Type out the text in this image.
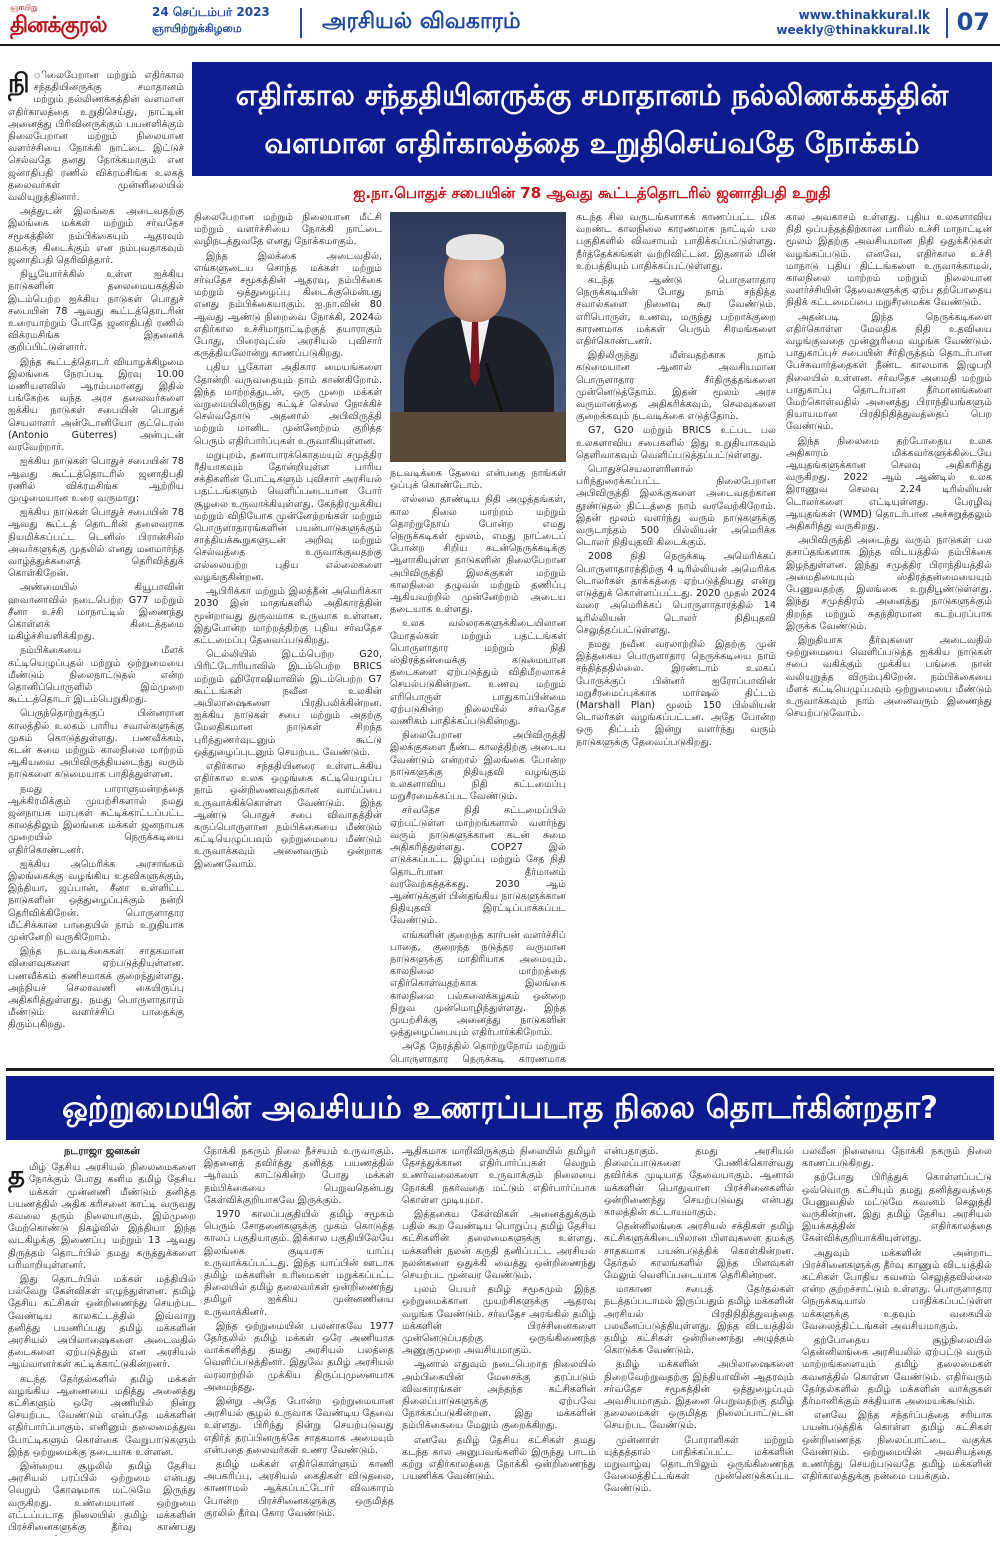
ஞாயிறு
தினக்குரல்	24 செப்டம்பர் 2023
ஞாயிற்றுக்கிழமை	அரசியல் விவகாரம்	www.thinakkural.lk
weekly@thinakkural.lk 07
எதிர்கால சந்ததியினருக்கு சமாதானம் நல்லிணக்கத்தின்
வளமான எதிர்காலத்தை உறுதிசெய்வதே நோக்கம்
ஐ.நா.பொதுச் சபையின் 78 ஆவது கூட்டத்தொடரில் ஜனாதிபதி உறுதி

நி ிலைபேறான மற்றும் எதிர்கால சந்ததியினருக்கு சமாதானம் மற்றும் நல்லிணக்கத்தின் வளமான எதிர்காலத்தை உறுதிசெய்து, நாட்டின் அனைத்து பிரிவினருக்கும் பயனளிக்கும் நிலைபேறான மற்றும் நிலையான வளர்ச்சியை நோக்கி நாட்டை இட்டுச் செல்வதே தனது நோக்கமாகும் என ஜனாதிபதி ரணில் விக்ரமசிங்க உலகத் தலைவர்கள் முன்னிலையில் வலியுறுத்தினார்.

அத்துடன் இலங்கை அடைவதற்கு இலங்கை மக்கள் மற்றும் சர்வதேச சமூகத்தின் நம்பிக்கையும் ஆதரவும் தமக்கு கிடைக்கும் என நம்புவதாகவும் ஜனாதிபதி தெரிவித்தார்.

நியூயோர்க்கில் உள்ள ஐக்கிய நாடுகளின் தலைமையகத்தில் இடம்பெற்ற ஐக்கிய நாடுகள் பொதுச் சபையின் 78 ஆவது கூட்டத்தொடரின் உரையாற்றும் போதே ஜனாதிபதி ரணில் விக்ரமசிங்க இதனைக் குறிப்பிட்டுள்ளார்.

இந்த கூட்டத்தொடர் வியாழக்கிழமை இலங்கை நேரப்படி இரவு 10.00 மணியளவில் ஆரம்பமானது இதில் பங்கேற்க வந்த அரச தலைவர்களை ஐக்கிய நாடுகள் சபையின் பொதுச் செயலாளர் அன்டோனியோ குட்டெரஸ் (Antonio Guterres) அன்புடன் வரவேற்றார்.

ஐக்கிய நாடுகள் பொதுச் சபையின் 78 ஆவது கூட்டத்தொடரில் ஜனாதிபதி ரணில் விக்ரமசிங்க ஆற்றிய முழுமையான உரை வருமாறு:

ஐக்கிய நாடுகள் பொதுச் சபையின் 78 ஆவது கூட்டத் தொடரின் தலைவராக நியமிக்கப்பட்ட டெனிஸ் பிரான்சிஸ் அவர்களுக்கு முதலில் எனது மனமார்ந்த வாழ்த்துக்களைத் தெரிவித்துக் கொள்கிறேன்.

அண்மையில் கியூபாவின் ஹவானாவில் நடைபெற்ற G77 மற்றும் சீனா உச்சி மாநாட்டில் இணைந்து கொள்ளக் கிடைத்தமை மகிழ்ச்சியளிக்கிறது.

நம்பிக்கையை மீளக் கட்டியெழுப்புதல் மற்றும் ஒற்றுமையை மீண்டும் நிலைநாட்டுதல் என்ற தொனிப்பொருளில் இம்முறை கூட்டத்தொடர் இடம்பெறுகிறது.

பெருந்தொற்றுக்குப் பின்னரான காலத்தில் உலகம் பாரிய சவால்களுக்கு முகம் கொடுத்துள்ளது. பணவீக்கம், கடன் சுமை மற்றும் காலநிலை மாற்றம் ஆகியவை அபிவிருத்தியடைந்து வரும் நாடுகளை கடுமையாக பாதித்துள்ளன.

நமது பாராளுமன்றத்தை ஆக்கிரமிக்கும் முயற்சிகளால் நமது ஜனநாயக மரபுகள் சுட்டிக்காட்டப்பட்ட காலத்திலும் இலங்கை மக்கள் ஜனநாயக முறையில் நெருக்கடியை எதிர்கொண்டனர்.

ஐக்கிய அமெரிக்க அரசாங்கம் இலங்கைக்கு வழங்கிய உதவிகளுக்கும், இந்தியா, ஜப்பான், சீனா உள்ளிட்ட நாடுகளின் ஒத்துழைப்புக்கும் நன்றி தெரிவிக்கிறேன். பொருளாதார மீட்சிக்கான பாதையில் நாம் உறுதியாக முன்னேறி வருகிறோம்.

இந்த நடவடிக்கைகள் சாதகமான விளைவுகளை ஏற்படுத்தியுள்ளன. பணவீக்கம் கணிசமாகக் குறைந்துள்ளது. அந்நியச் செலாவணி கையிருப்பு அதிகரித்துள்ளது. நமது பொருளாதாரம் மீண்டும் வளர்ச்சிப் பாதைக்கு திரும்புகிறது.

நிலைபேறான மற்றும் நிலையான மீட்சி மற்றும் வளர்ச்சியை நோக்கி நாட்டை வழிநடத்துவதே எனது நோக்கமாகும்.

இந்த இலக்கை அடைவதில், எங்களுடைய சொந்த மக்கள் மற்றும் சர்வதேச சமூகத்தின் ஆதரவு, நம்பிக்கை மற்றும் ஒத்துழைப்பு கிடைக்குமென்பது எனது நம்பிக்கையாகும். ஐ.நா.வின் 80 ஆவது ஆண்டு நிறைவை நோக்கி, 2024ல் எதிர்கால உச்சிமாநாட்டிற்குத் தயாராகும் போது, பிரைவுட்ஸ் அரசியல் புவிசார் கருத்தியலோன்று காணப்படுகிறது.

புதிய பூகோள அதிகார மையங்களை தோன்றி வருவதையும் நாம் காண்கிறோம். இந்த மாற்றத்துடன், ஒரு முறை மக்கள் வறுமையிலிருந்து கட்டிச் செல்ல நோக்கிச் செல்வதோடு அதனால் அபிவிருத்தி மற்றும் மானிட முன்னேற்றம் குறித்த பெரும் எதிர்பார்ப்புகள் உருவாகியுள்ளன.

மறுபுறம், தனாபாரக்கொதமயும் சமுத்திர ரீதியாகவும் தோன்றியுள்ள பாரிய சக்திகளின் போட்டிகளும் புவிசார் அரசியல் பதட்டங்களும் வெளிப்படையான போர் சூழலை உருவாக்கியுள்ளது. கேந்திரமுக்கிய மற்றும் விநியோக முன்னேற்றங்கள் மற்றும் பொருளாதாரங்களின் பயன்பாடுகளுக்கும் சாத்தியக்கூறுகளுடன் அறிவு மற்றும் செல்வத்தை உருவாக்குவதற்கு எல்லையற்ற புதிய எல்லைகளை வழங்குகின்றன.

ஆபிரிக்கா மற்றும் இலத்தீன் அமெரிக்கா 2030 இன் மாதங்களில் அதிகாரத்தின் மூன்றாவது துருவமாக உருவாக உள்ளன. இதுபோன்ற மாற்றத்திற்கு புதிய சர்வதேச கட்டமைப்பு தேவைப்படுகிறது.

டெல்லியில் இடம்பெற்ற G20, பிரிட்டோரியாவில் இடம்பெற்ற BRICS மற்றும் ஹிரோஷிமாவில் இடம்பெற்ற G7 கூட்டங்கள் நவீன உலகின் அபிலாஷைகளை பிரதிபலிக்கின்றன. ஐக்கிய நாடுகள் சபை மற்றும் அதற்கு மேலதிகமான நாடுகள் சிறந்த புரிந்துணர்வுடனும் கூட்டு ஒத்துழைப்புடனும் செயற்பட வேண்டும்.

எதிர்கால சந்ததியினரை உள்ளடக்கிய எதிர்கால உலக ஒழுங்கை கட்டியெழுப்ப நாம் ஒன்றிணைவதற்கான வாய்ப்பை உருவாக்கிக்கொள்ள வேண்டும். இந்த ஆண்டு பொதுச் சபை விவாதத்தின் கருப்பொருளான நம்பிக்கையை மீண்டும் கட்டியெழுப்பவும் ஒற்றுமையை மீண்டும் உருவாக்கவும் அனைவரும் ஒன்றாக இணைவோம்.

நடவடிக்கை தேவை என்பதை நாங்கள் ஒப்புக் கொண்டோம்.

எல்லை தாண்டிய நிதி அழுத்தங்கள், கால நிலை மாற்றம் மற்றும் தொற்றுநோய் போன்ற எமது நெருக்கடிகள் மூலம், எமது நாட்டைப் போன்ற சிறிய கடன்நெருக்கடிக்கு ஆளாகியுள்ள நாடுகளின் நிலைபேறான அபிவிருத்தி இலக்குகள் மற்றும் காலநிலை தழுவல் மற்றும் தணிப்பு ஆகியவற்றில் முன்னேற்றம் அடைய தடையாக உள்ளது.

உலக வல்லரசுகளுக்கிடையிலான மோதல்கள் மற்றும் பதட்டங்கள் பொருளாதார மற்றும் நிதி ஸ்திரத்தன்மைக்கு கடுமையான தடைகளை ஏற்படுத்தும் விதிமீறலாகச் செயல்படுகின்றன. உணவு மற்றும் எரிபொருள் பாதுகாப்பின்மை ஏற்படுகின்ற நிலையில் சர்வதேச வணிகம் பாதிக்கப்படுகின்றது.

நிலைபேறான அபிவிருத்தி இலக்குகளை நீண்ட காலத்திற்கு அடைய வேண்டும் என்றால் இலங்கை போன்ற நாடுகளுக்கு நிதியுதவி வழங்கும் உலகளாவிய நிதி கட்டமைப்பு மறுசீரமைக்கப்பட வேண்டும்.

சர்வதேச நிதி கட்டமைப்பில் ஏற்பட்டுள்ள மாற்றங்களால் வளர்ந்து வரும் நாடுகளுக்கான கடன் சுமை அதிகரித்துள்ளது. COP27 இல் எடுக்கப்பட்ட இழப்பு மற்றும் சேத நிதி தொடர்பான தீர்மானம் வரவேற்கத்தக்கது. 2030 ஆம் ஆண்டுக்குள் பின்தங்கிய நாடுகளுக்கான நிதியுதவி இரட்டிப்பாக்கப்பட வேண்டும்.

எங்களின் குறைந்த கார்பன் வளர்ச்சிப் பாதை, குறைந்த நடுத்தர வருமான நாடுகளுக்கு மாதிரியாக அமையும். காலநிலை மாற்றத்தை எதிர்கொள்வதற்காக இலங்கை காலநிலை பல்கலைக்கழகம் ஒன்றை நிறுவ முன்மொழிந்துள்ளது. இந்த முயற்சிக்கு அனைத்து நாடுகளின் ஒத்துழைப்பையும் எதிர்பார்க்கிறோம்.

அதே நேரத்தில் தொற்றுநோய் மற்றும் பொருளாதார நெருக்கடி காரணமாக

கடந்த சில வருடங்களாகக் காணப்பட்ட மிக வறண்ட காலநிலை காரணமாக நாட்டில் பல பகுதிகளில் விவசாயம் பாதிக்கப்பட்டுள்ளது. நீர்த்தேக்கங்கள் வற்றிவிட்டன. இதனால் மின் உற்பத்தியும் பாதிக்கப்பட்டுள்ளது.

கடந்த ஆண்டு பொருளாதார நெருக்கடியின் போது நாம் சந்தித்த சவால்களை நினைவு கூர வேண்டும். எரிபொருள், உணவு, மருந்து பற்றாக்குறை காரணமாக மக்கள் பெரும் சிரமங்களை எதிர்கொண்டனர்.

இதிலிருந்து மீள்வதற்காக நாம் கடுமையான ஆனால் அவசியமான பொருளாதார சீர்திருத்தங்களை முன்னெடுத்தோம். இதன் மூலம் அரச வருமானத்தை அதிகரிக்கவும், செலவுகளை குறைக்கவும் நடவடிக்கை எடுத்தோம்.

G7, G20 மற்றும் BRICS உட்பட பல உலகளாவிய சபைகளில் இது உறுதியாகவும் தெளிவாகவும் வெளிப்படுத்தப்பட்டுள்ளது.

பொதுச்செயலாளரினால் பரிந்துரைக்கப்பட்ட நிலைபேறான அபிவிருத்தி இலக்குகளை அடைவதற்கான தூண்டுதல் திட்டத்தை நாம் வரவேற்கிறோம். இதன் மூலம் வளர்ந்து வரும் நாடுகளுக்கு வருடாந்தம் 500 பில்லியன் அமெரிக்க டொலர் நிதியுதவி கிடைக்கும்.

2008 நிதி நெருக்கடி அமெரிக்கப் பொருளாதாரத்திற்கு 4 டிரில்லியன் அமெரிக்க டொலர்கள் தாக்கத்தை ஏற்படுத்தியது என்று எடுத்துக் கொள்ளப்பட்டது. 2020 முதல் 2024 வரை அமெரிக்கப் பொருளாதாரத்தில் 14 டிரில்லியன் டொலர் நிதியுதவி செலுத்தப்பட்டுள்ளது.

நமது நவீன வரலாற்றில் இதற்கு முன் இத்தகைய பொருளாதார நெருக்கடியை நாம் சந்தித்ததில்லை. இரண்டாம் உலகப் போருக்குப் பின்னர் ஐரோப்பாவின் மறுசீரமைப்புக்காக மார்ஷல் திட்டம் (Marshall Plan) மூலம் 150 பில்லியன் டொலர்கள் வழங்கப்பட்டன. அதே போன்ற ஒரு திட்டம் இன்று வளர்ந்து வரும் நாடுகளுக்கு தேவைப்படுகிறது.

கால அவகாசம் உள்ளது. புதிய உலகளாவிய நிதி ஒப்பந்தத்திற்கான பாரிஸ் உச்சி மாநாட்டின் மூலம் இதற்கு அவசியமான நிதி ஒதுக்கீடுகள் வழங்கப்படும். எனவே, எதிர்கால உச்சி மாநாடு புதிய திட்டங்களை உருவாக்காமல், காலநிலை மாற்றம் மற்றும் நிலையான வளர்ச்சியின் தேவைகளுக்கு ஏற்ப தற்போதைய நிதிக் கட்டமைப்பை மறுசீரமைக்க வேண்டும்.

அதன்படி இந்த நெருக்கடிகளை எதிர்கொள்ள மேலதிக நிதி உதவியை வழங்குவதை முன்னுரிமை வழங்க வேண்டும். பாதுகாப்புச் சபையின் சீர்திருத்தம் தொடர்பான பேச்சுவார்த்தைகள் நீண்ட காலமாக இழுபறி நிலையில் உள்ளன. சர்வதேச அமைதி மற்றும் பாதுகாப்பு தொடர்பான தீர்மானங்களை மேற்கொள்வதில் அனைத்து பிராந்தியங்களும் நியாயமான பிரதிநிதித்துவத்தைப் பெற வேண்டும்.

இந்த நிலைமை தற்போதைய உலக அதிகாரம் மிக்கவர்களுக்கிடையே ஆயுதங்களுக்கான செலவு அதிகரித்து வருகிறது. 2022 ஆம் ஆண்டில் உலக இராணுவ செலவு 2.24 டிரில்லியன் டொலர்களை எட்டியுள்ளது. பேரழிவு ஆயுதங்கள் (WMD) தொடர்பான அச்சுறுத்தலும் அதிகரித்து வருகிறது.

அபிவிருத்தி அடைந்து வரும் நாடுகள் பல தசாப்தங்களாக இந்த விடயத்தில் நம்பிக்கை இழந்துள்ளன. இந்து சமுத்திர பிராந்தியத்தில் அமைதியையும் ஸ்திரத்தன்மையையும் பேணுவதற்கு இலங்கை உறுதிபூண்டுள்ளது. இந்து சமுத்திரம் அனைத்து நாடுகளுக்கும் திறந்த மற்றும் சுதந்திரமான கடற்பரப்பாக இருக்க வேண்டும்.

இறுதியாக தீர்வுகளை அடைவதில் ஒற்றுமையை வெளிப்படுத்த ஐக்கிய நாடுகள் சபை வகிக்கும் முக்கிய பங்கை நான் வலியுறுத்த விரும்புகிறேன். நம்பிக்கையை மீளக் கட்டியெழுப்பவும் ஒற்றுமையை மீண்டும் உருவாக்கவும் நாம் அனைவரும் இணைந்து செயற்படுவோம்.

ஒற்றுமையின் அவசியம் உணரப்படாத நிலை தொடர்கின்றதா?
நடராஜா ஜனகன்

தமிழ் தேசிய அரசியல் நிலைமைகளை நோக்கும் போது கனிம தமிழ் தேசிய மக்கள் முன்னணி மீண்டும் தனித்த பயணத்தில் அதிக கரிசனை காட்டி வருவது கவலை தரும் நிலையாகும். இம்முறை மேற்கொண்டு நிகழ்வில் இந்தியா இந்த வடகிழக்கு இணைப்பு மற்றும் 13 ஆவது திருத்தம் தொடர்பில் தமது கருத்துக்களை பரிமாறியுள்ளனர்.

இது தொடர்பில் மக்கள் மத்தியில் பல்வேறு கேள்விகள் எழுந்துள்ளன. தமிழ் தேசிய கட்சிகள் ஒன்றிணைந்து செயற்பட வேண்டிய காலகட்டத்தில் இவ்வாறு தனித்து பயணிப்பது தமிழ் மக்களின் அரசியல் அபிலாஷைகளை அடைவதில் தடைகளை ஏற்படுத்தும் என அரசியல் ஆய்வாளர்கள் சுட்டிக்காட்டுகின்றனர்.

கடந்த தேர்தல்களில் தமிழ் மக்கள் வழங்கிய ஆணையை மதித்து அனைத்து கட்சிகளும் ஒரே அணியில் நின்று செயற்பட வேண்டும் என்பதே மக்களின் எதிர்பார்ப்பாகும். எனினும் தலைமைத்துவ போட்டிகளும் கொள்கை வேறுபாடுகளும் இந்த ஒற்றுமைக்கு தடையாக உள்ளன.

இன்றைய சூழலில் தமிழ் தேசிய அரசியல் பரப்பில் ஒற்றுமை என்பது வெறும் கோஷமாக மட்டுமே இருந்து வருகிறது. உண்மையான ஒற்றுமை எட்டப்படாத நிலையில் தமிழ் மக்களின் பிரச்சினைகளுக்கு தீர்வு காண்பது

நோக்கி நகரும் நிலை நீச்சயம் உருவாகும். இதனைத் தவிர்த்து தனித்த பயணத்தில் ஆர்வம் காட்டுகின்ற போது மக்கள் நம்பிக்கையை பெறுவதென்பது கேள்விக்குறியாகவே இருக்கும்.

1970 காலப்பகுதியில் தமிழ் சமூகம் பெரும் சோதனைகளுக்கு முகம் கொடுத்த காலப் பகுதியாகும். இக்கால பகுதியிலேயே இலங்கை குடியரசு யாப்பு உருவாக்கப்பட்டது. இந்த யாப்பின் ஊடாக தமிழ் மக்களின் உரிமைகள் மறுக்கப்பட்ட நிலையில் தமிழ் தலைவர்கள் ஒன்றிணைந்து தமிழர் ஐக்கிய முன்னணியை உருவாக்கினர்.

இந்த ஒற்றுமையின் பலனாகவே 1977 தேர்தலில் தமிழ் மக்கள் ஒரே அணியாக வாக்களித்து தமது அரசியல் பலத்தை வெளிப்படுத்தினர். இதுவே தமிழ் அரசியல் வரலாற்றில் முக்கிய திருப்புமுனையாக அமைந்தது.

இன்று அதே போன்ற ஒற்றுமையான அரசியல் சூழல் உருவாக வேண்டிய தேவை உள்ளது. பிரிந்து நின்று செயற்படுவது எதிர்த் தரப்பினருக்கே சாதகமாக அமையும் என்பதை தலைவர்கள் உணர வேண்டும்.

தமிழ் மக்கள் எதிர்கொள்ளும் காணி அபகரிப்பு, அரசியல் கைதிகள் விடுதலை, காணாமல் ஆக்கப்பட்டோர் விவகாரம் போன்ற பிரச்சினைகளுக்கு ஒருமித்த குரலில் தீர்வு கோர வேண்டும்.

ஆதிகமாக மாறிவிருக்கும் நிலையில் தமிழர் தேசத்துக்கான எதிர்பார்ப்புகள் வெறும் உணர்வலைகளை உருவாக்கும் நிலையை நோக்கி நகர்வதை மட்டும் எதிர்பார்ப்பாக கொள்ள முடியுமா.

இத்தகைய கேள்விகள் அனைத்துக்கும் பதில் கூற வேண்டிய பொறுப்பு தமிழ் தேசிய கட்சிகளின் தலைமைகளுக்கு உள்ளது. மக்களின் நலன் கருதி தனிப்பட்ட அரசியல் நலன்களை ஒதுக்கி வைத்து ஒன்றிணைந்து செயற்பட முன்வர வேண்டும்.

புலம் பெயர் தமிழ் சமூகமும் இந்த ஒற்றுமைக்கான முயற்சிகளுக்கு ஆதரவு வழங்க வேண்டும். சர்வதேச அரங்கில் தமிழ் மக்களின் பிரச்சினைகளை முன்னெடுப்பதற்கு ஒருங்கிணைந்த அணுகுமுறை அவசியமாகும்.

ஆனால் எதுவும் நடைபெறாத நிலையில் அம்பிகையின் மேசைக்கு தரப்படும் விவகாரங்கள் அந்தந்த கட்சிகளின் நிலைப்பாடுகளுக்கு ஏற்பவே நோக்கப்படுகின்றன. இது மக்களின் நம்பிக்கையை மேலும் குறைக்கிறது.

எனவே தமிழ் தேசிய கட்சிகள் தமது கடந்த கால அனுபவங்களில் இருந்து பாடம் கற்று எதிர்காலத்தை நோக்கி ஒன்றிணைந்து பயணிக்க வேண்டும்.

என்பதாகும். தமது அரசியல் நிலைப்பாடுகளை பேணிக்கொள்வது தவிர்க்க முடியாத தேவையாகும். ஆனால் மக்களின் பொதுவான பிரச்சினைகளில் ஒன்றிணைந்து செயற்படுவது என்பது காலத்தின் கட்டாயமாகும்.

தென்னிலங்கை அரசியல் சக்திகள் தமிழ் கட்சிகளுக்கிடையிலான பிளவுகளை தமக்கு சாதகமாக பயன்படுத்திக் கொள்கின்றன. தேர்தல் காலங்களில் இந்த பிளவுகள் மேலும் வெளிப்படையாக தெரிகின்றன.

மாகாண சபைத் தேர்தல்கள் நடத்தப்படாமல் இருப்பதும் தமிழ் மக்களின் அரசியல் பிரதிநிதித்துவத்தை பலவீனப்படுத்தியுள்ளது. இந்த விடயத்தில் தமிழ் கட்சிகள் ஒன்றிணைந்து அழுத்தம் கொடுக்க வேண்டும்.

தமிழ் மக்களின் அபிலாஷைகளை நிறைவேற்றுவதற்கு இந்தியாவின் ஆதரவும் சர்வதேச சமூகத்தின் ஒத்துழைப்பும் அவசியமாகும். இதனை பெறுவதற்கு தமிழ் தலைமைகள் ஒருமித்த நிலைப்பாட்டுடன் செயற்பட வேண்டும்.

முன்னாள் போராளிகள் மற்றும் யுத்தத்தால் பாதிக்கப்பட்ட மக்களின் மறுவாழ்வு தொடர்பிலும் ஒருங்கிணைந்த வேலைத்திட்டங்கள் முன்னெடுக்கப்பட வேண்டும்.

பலவீன நிலையை நோக்கி நகரும் நிலை காணப்படுகிறது.

தற்போது பிரித்துக் கொள்ளப்பட்டு ஒவ்வொரு கட்சியும் தமது தனித்துவத்தை பேணுவதில் மட்டுமே கவனம் செலுத்தி வருகின்றன. இது தமிழ் தேசிய அரசியல் இயக்கத்தின் எதிர்காலத்தை கேள்விக்குறியாக்கியுள்ளது.

அதுவும் மக்களின் அன்றாட பிரச்சினைகளுக்கு தீர்வு காணும் விடயத்தில் கட்சிகள் போதிய கவனம் செலுத்தவில்லை என்ற குற்றச்சாட்டும் உள்ளது. பொருளாதார நெருக்கடியால் பாதிக்கப்பட்டுள்ள மக்களுக்கு உதவும் வகையில் வேலைத்திட்டங்கள் அவசியமாகும்.

தற்போதைய சூழ்நிலையில் தென்னிலங்கை அரசியலில் ஏற்பட்டு வரும் மாற்றங்களையும் தமிழ் தலைமைகள் கவனத்தில் கொள்ள வேண்டும். எதிர்வரும் தேர்தல்களில் தமிழ் மக்களின் வாக்குகள் தீர்மானிக்கும் சக்தியாக அமையக்கூடும்.

எனவே இந்த சந்தர்ப்பத்தை சரியாக பயன்படுத்திக் கொள்ள தமிழ் கட்சிகள் ஒன்றிணைந்த நிலைப்பாட்டை வகுக்க வேண்டும். ஒற்றுமையின் அவசியத்தை உணர்ந்து செயற்படுவதே தமிழ் மக்களின் எதிர்காலத்துக்கு நன்மை பயக்கும்.
